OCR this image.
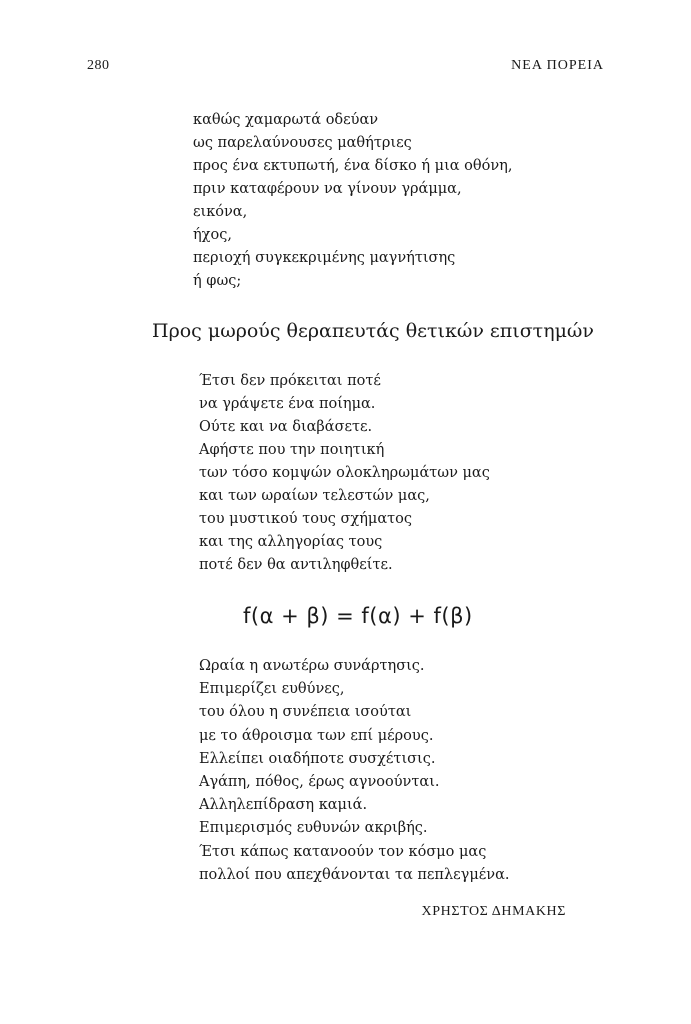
280	ΝΕΑ ΠΟΡΕΙΑ
καθώς χαμαρωτά οδεύαν
ως παρελαύνουσες μαθήτριες
προς ένα εκτυπωτή, ένα δίσκο ή μια οθόνη,
πριν καταφέρουν να γίνουν γράμμα,
εικόνα,
ήχος,
περιοχή συγκεκριμένης μαγνήτισης
ή φως;
Προς μωρούς θεραπευτάς θετικών επιστημών
Έτσι δεν πρόκειται ποτέ
να γράψετε ένα ποίημα.
Ούτε και να διαβάσετε.
Αφήστε που την ποιητική
των τόσο κομψών ολοκληρωμάτων μας
και των ωραίων τελεστών μας,
του μυστικού τους σχήματος
και της αλληγορίας τους
ποτέ δεν θα αντιληφθείτε.
f(α + β) = f(α) + f(β)
Ωραία η ανωτέρω συνάρτησις.
Επιμερίζει ευθύνες,
του όλου η συνέπεια ισούται
με το άθροισμα των επί μέρους.
Ελλείπει οιαδήποτε συσχέτισις.
Αγάπη, πόθος, έρως αγνοούνται.
Αλληλεπίδραση καμιά.
Επιμερισμός ευθυνών ακριβής.
Έτσι κάπως κατανοούν τον κόσμο μας
πολλοί που απεχθάνονται τα πεπλεγμένα.
ΧΡΗΣΤΟΣ ΔΗΜΑΚΗΣ
